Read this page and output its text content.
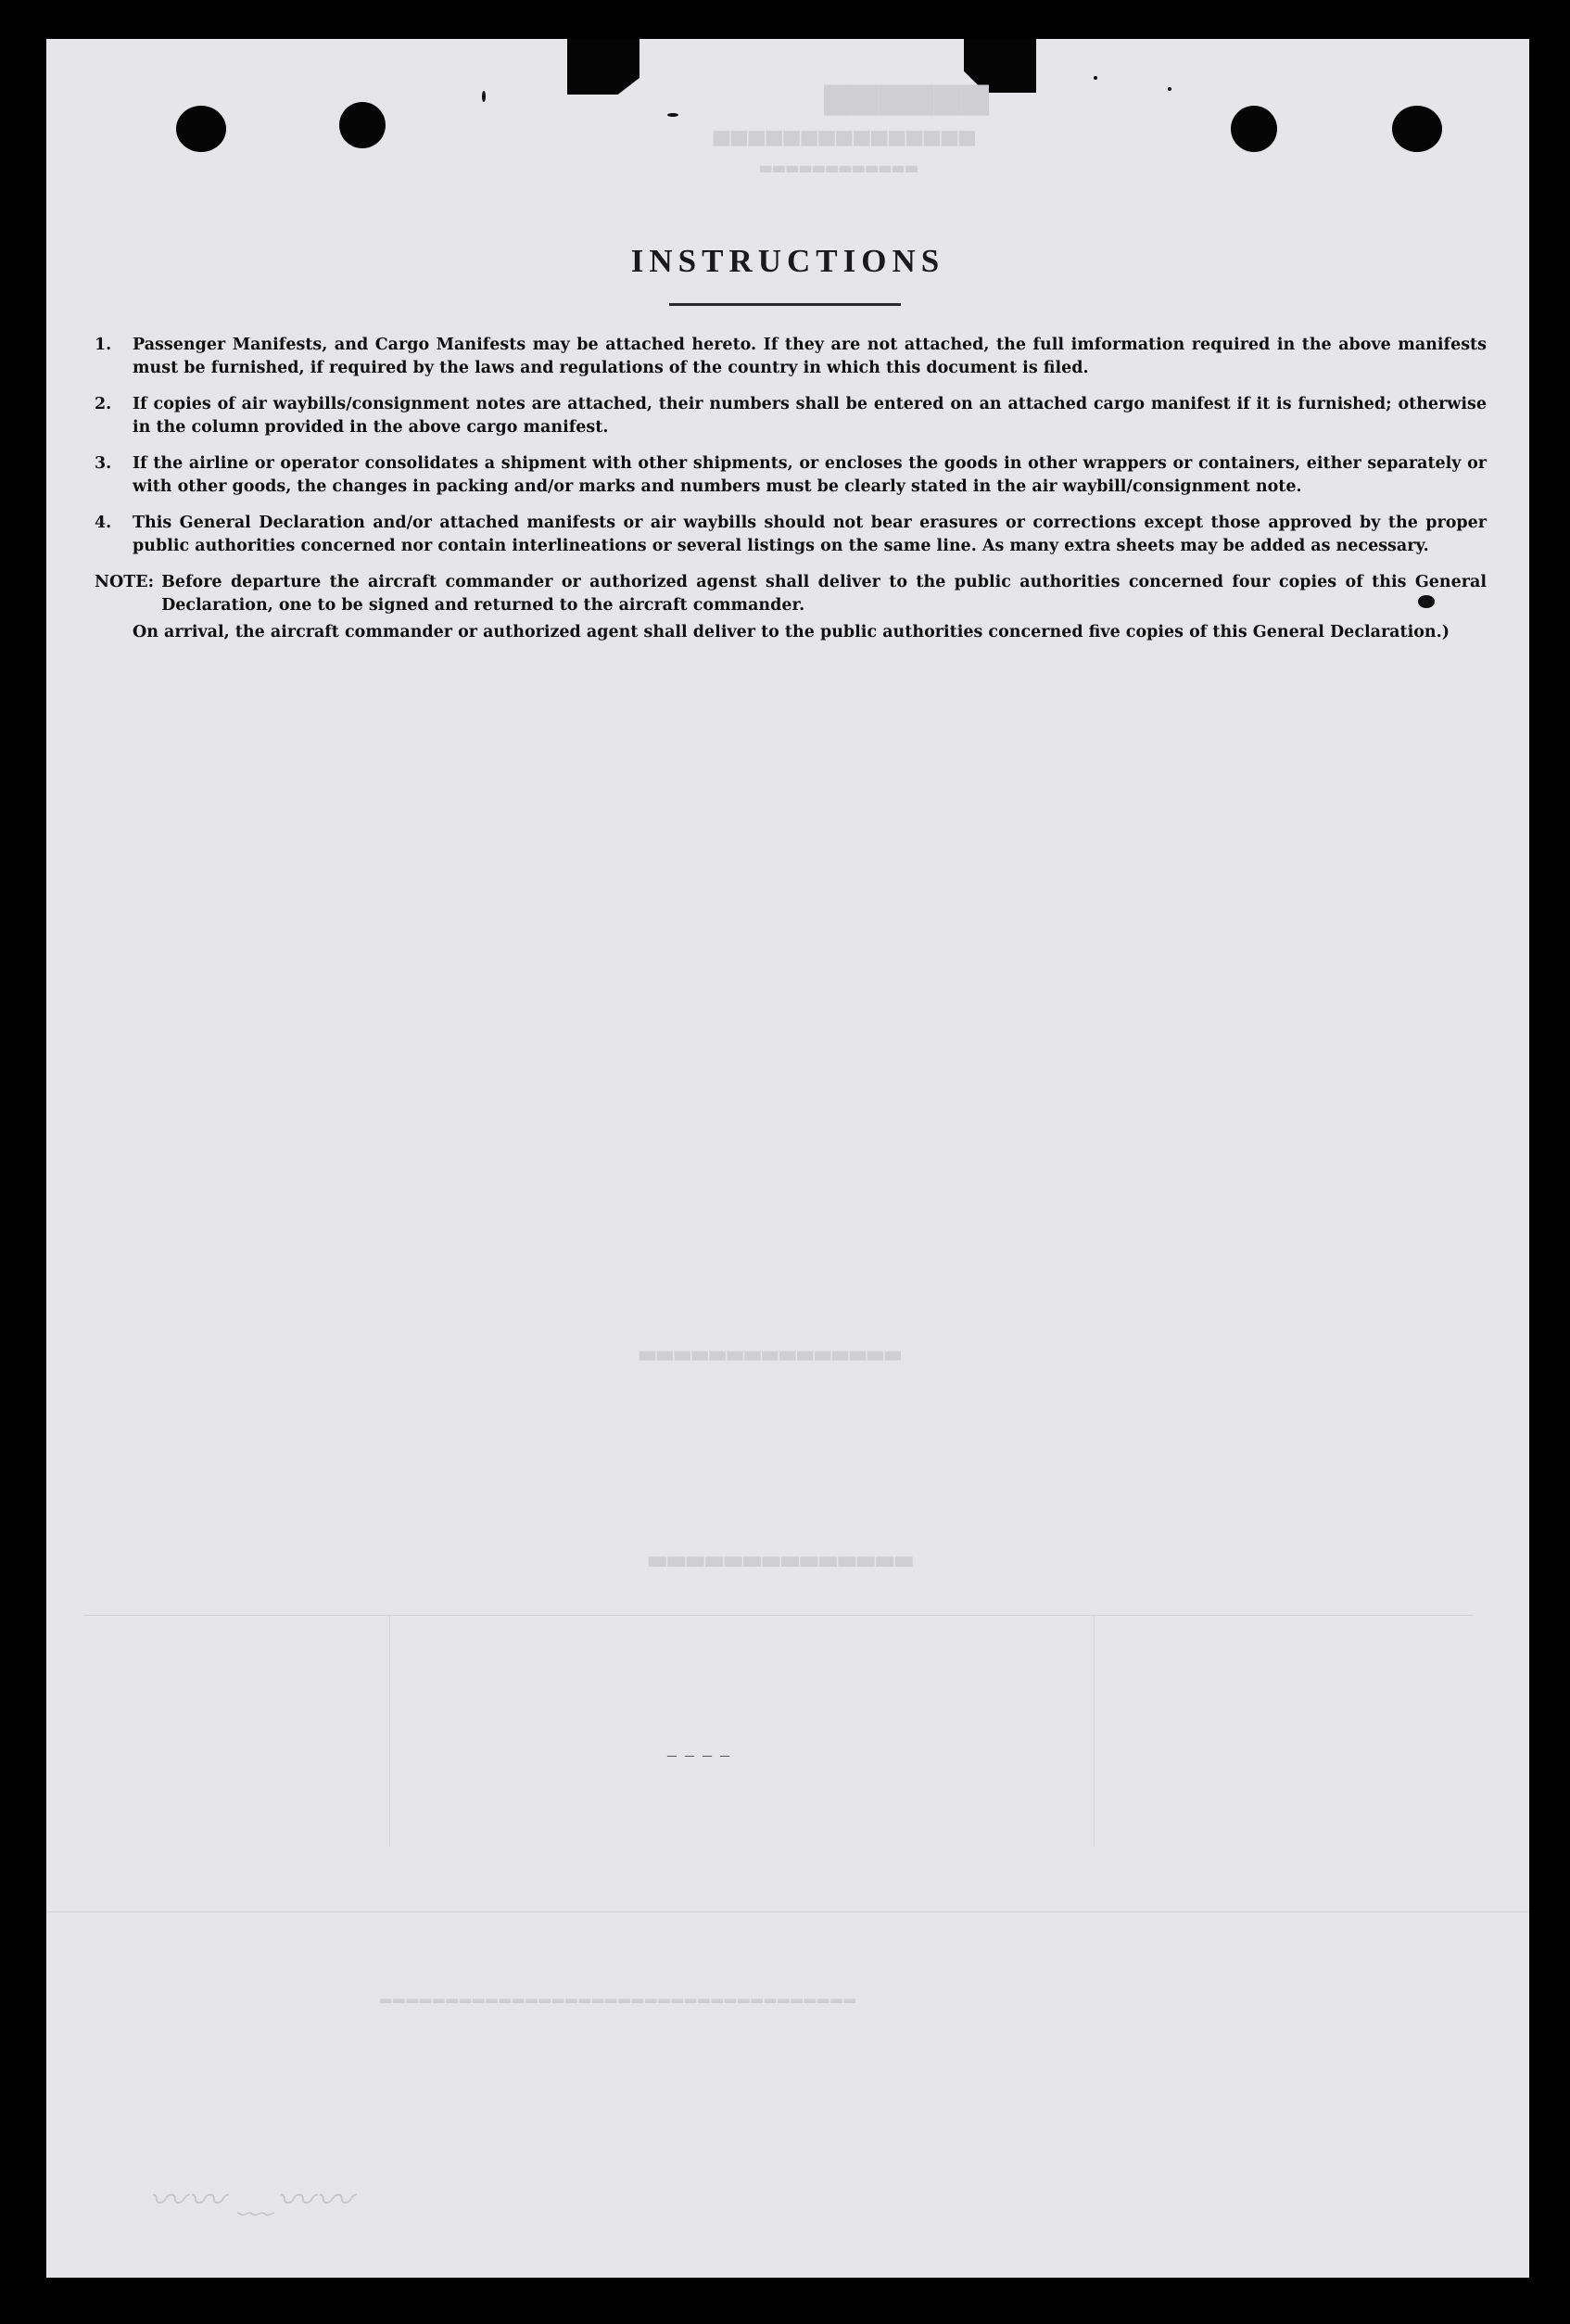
▆▆▆▆▆▆
▅▅▅▅▅▅▅▅▅▅▅▅▅▅▅
▃▃▃▃▃▃▃▃▃▃▃▃
▃▃▃▃▃▃▃▃▃▃▃▃▃▃▃
▃▃▃▃▃▃▃▃▃▃▃▃▃▃
▂▂▂▂▂▂▂▂▂▂▂▂▂▂▂▂▂▂▂▂▂▂▂▂▂▂▂▂▂▂▂▂▂▂▂▂
〰〰 ﹏〰〰
– – – –
INSTRUCTIONS
1.	Passenger Manifests, and Cargo Manifests may be attached hereto. If they are not attached, the full imformation required in the above manifests must be furnished, if required by the laws and regulations of the country in which this document is filed.
2.	If copies of air waybills/consignment notes are attached, their numbers shall be entered on an attached cargo manifest if it is furnished; otherwise in the column provided in the above cargo manifest.
3.	If the airline or operator consolidates a shipment with other shipments, or encloses the goods in other wrappers or containers, either separately or with other goods, the changes in packing and/or marks and numbers must be clearly stated in the air waybill/consignment note.
4.	This General Declaration and/or attached manifests or air waybills should not bear erasures or corrections except those approved by the proper public authorities concerned nor contain interlineations or several listings on the same line. As many extra sheets may be added as necessary.
NOTE: Before departure the aircraft commander or authorized agenst shall deliver to the public authorities concerned four copies of this General Declaration, one to be signed and returned to the aircraft commander.
On arrival, the aircraft commander or authorized agent shall deliver to the public authorities concerned five copies of this General Declaration.)
